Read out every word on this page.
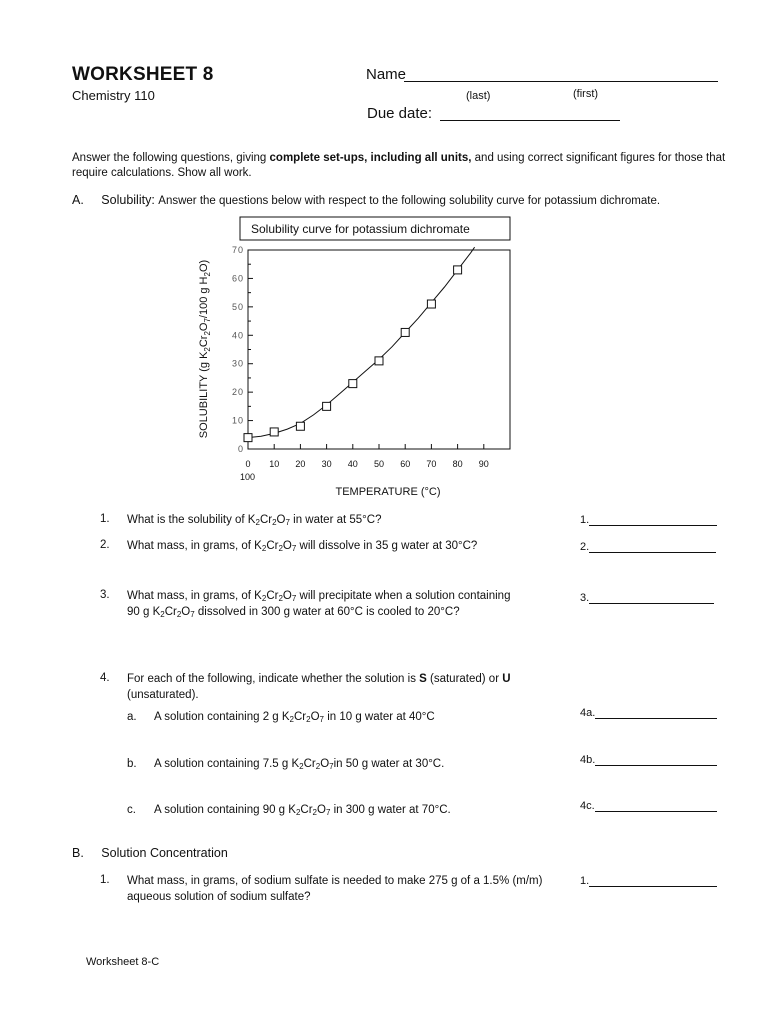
WORKSHEET 8
Chemistry 110
Name
(last)	(first)
Due date:
Answer the following questions, giving complete set-ups, including all units, and using correct significant figures for those that require calculations. Show all work.
A. Solubility: Answer the questions below with respect to the following solubility curve for potassium dichromate.
Solubility curve for potassium dichromate
0
10
20
30
40
50
60
70
0 10 20 30 40 50 60 70 80 90
100
SOLUBILITY (g $K_2Cr_2O_7/100$ g $H_2O$)
TEMPERATURE (°C)
1. What is the solubility of $K_2Cr_2O_7$ in water at 55°C?	1.
2. What mass, in grams, of $K_2Cr_2O_7$ will dissolve in 35 g water at 30°C?	2.
3. What mass, in grams, of $K_2Cr_2O_7$ will precipitate when a solution containing
90 g $K_2Cr_2O_7$ dissolved in 300 g water at 60°C is cooled to 20°C?
3.
4. For each of the following, indicate whether the solution is S (saturated) or U
(unsaturated).
a. A solution containing 2 g $K_2Cr_2O_7$ in 10 g water at 40°C	4a.
b. A solution containing 7.5 g $K_2Cr_2O_7in$ 50 g water at 30°C.	4b.
c. A solution containing 90 g $K_2Cr_2O_7$ in 300 g water at 70°C.	4c.
B. Solution Concentration
1. What mass, in grams, of sodium sulfate is needed to make 275 g of a 1.5% (m/m) aqueous solution of sodium sulfate?
1.
Worksheet 8-C
